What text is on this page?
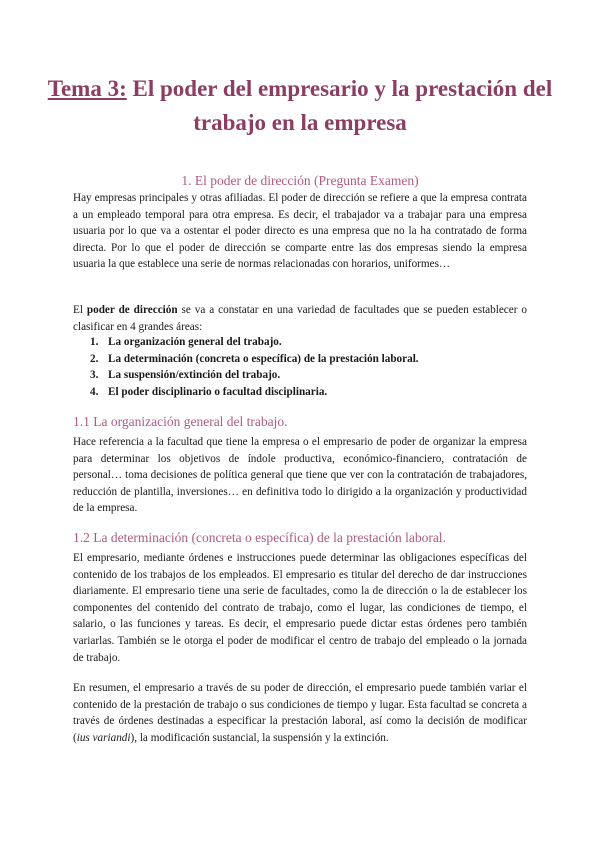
Tema 3: El poder del empresario y la prestación del trabajo en la empresa
1. El poder de dirección (Pregunta Examen)

Hay empresas principales y otras afiliadas. El poder de dirección se refiere a que la empresa contrata a un empleado temporal para otra empresa. Es decir, el trabajador va a trabajar para una empresa usuaria por lo que va a ostentar el poder directo es una empresa que no la ha contratado de forma directa. Por lo que el poder de dirección se comparte entre las dos empresas siendo la empresa usuaria la que establece una serie de normas relacionadas con horarios, uniformes…

El poder de dirección se va a constatar en una variedad de facultades que se pueden establecer o clasificar en 4 grandes áreas:

1. La organización general del trabajo.
2. La determinación (concreta o específica) de la prestación laboral.
3. La suspensión/extinción del trabajo.
4. El poder disciplinario o facultad disciplinaria.
1.1 La organización general del trabajo.

Hace referencia a la facultad que tiene la empresa o el empresario de poder de organizar la empresa para determinar los objetivos de índole productiva, económico-financiero, contratación de personal… toma decisiones de política general que tiene que ver con la contratación de trabajadores, reducción de plantilla, inversiones… en definitiva todo lo dirigido a la organización y productividad de la empresa.

1.2 La determinación (concreta o específica) de la prestación laboral.

El empresario, mediante órdenes e instrucciones puede determinar las obligaciones específicas del contenido de los trabajos de los empleados. El empresario es titular del derecho de dar instrucciones diariamente. El empresario tiene una serie de facultades, como la de dirección o la de establecer los componentes del contenido del contrato de trabajo, como el lugar, las condiciones de tiempo, el salario, o las funciones y tareas. Es decir, el empresario puede dictar estas órdenes pero también variarlas. También se le otorga el poder de modificar el centro de trabajo del empleado o la jornada de trabajo.

En resumen, el empresario a través de su poder de dirección, el empresario puede también variar el contenido de la prestación de trabajo o sus condiciones de tiempo y lugar. Esta facultad se concreta a través de órdenes destinadas a especificar la prestación laboral, así como la decisión de modificar (ius variandi), la modificación sustancial, la suspensión y la extinción.
